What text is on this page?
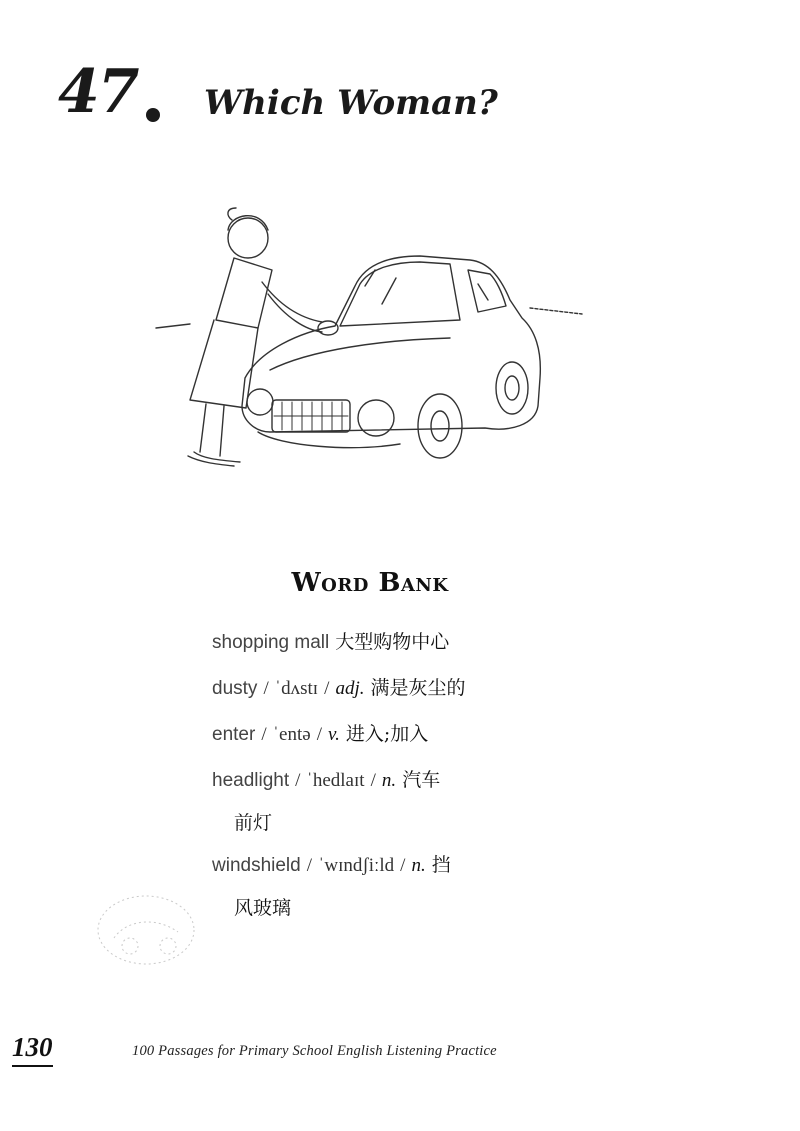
47 Which Woman?
Word Bank
shopping mall 大型购物中心
dusty / ˈdʌstɪ / adj. 满是灰尘的
enter / ˈentə / v. 进入;加入
headlight / ˈhedlaɪt / n. 汽车
前灯
windshield / ˈwɪndʃiːld / n. 挡
风玻璃
130	100 Passages for Primary School English Listening Practice
